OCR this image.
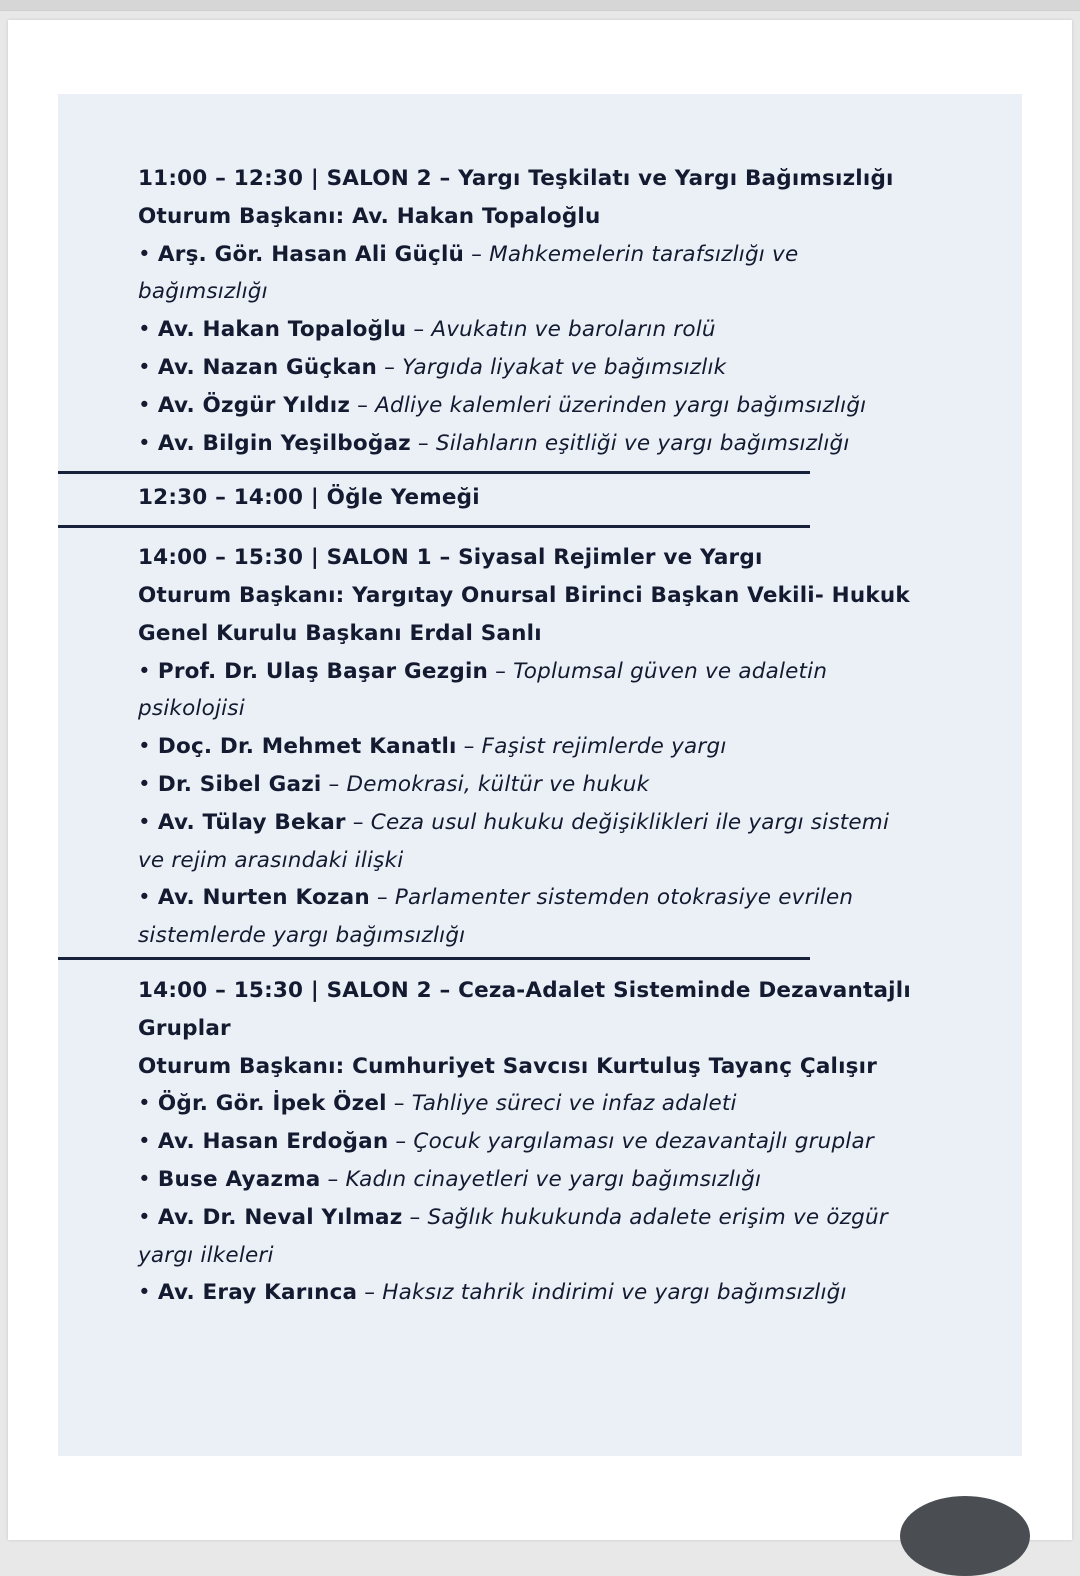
11:00 – 12:30 | SALON 2 – Yargı Teşkilatı ve Yargı Bağımsızlığı
Oturum Başkanı: Av. Hakan Topaloğlu
• Arş. Gör. Hasan Ali Güçlü – Mahkemelerin tarafsızlığı ve
bağımsızlığı
• Av. Hakan Topaloğlu – Avukatın ve baroların rolü
• Av. Nazan Güçkan – Yargıda liyakat ve bağımsızlık
• Av. Özgür Yıldız – Adliye kalemleri üzerinden yargı bağımsızlığı
• Av. Bilgin Yeşilboğaz – Silahların eşitliği ve yargı bağımsızlığı
12:30 – 14:00 | Öğle Yemeği
14:00 – 15:30 | SALON 1 – Siyasal Rejimler ve Yargı
Oturum Başkanı: Yargıtay Onursal Birinci Başkan Vekili- Hukuk
Genel Kurulu Başkanı Erdal Sanlı
• Prof. Dr. Ulaş Başar Gezgin – Toplumsal güven ve adaletin
psikolojisi
• Doç. Dr. Mehmet Kanatlı – Faşist rejimlerde yargı
• Dr. Sibel Gazi – Demokrasi, kültür ve hukuk
• Av. Tülay Bekar – Ceza usul hukuku değişiklikleri ile yargı sistemi
ve rejim arasındaki ilişki
• Av. Nurten Kozan – Parlamenter sistemden otokrasiye evrilen
sistemlerde yargı bağımsızlığı
14:00 – 15:30 | SALON 2 – Ceza-Adalet Sisteminde Dezavantajlı
Gruplar
Oturum Başkanı: Cumhuriyet Savcısı Kurtuluş Tayanç Çalışır
• Öğr. Gör. İpek Özel – Tahliye süreci ve infaz adaleti
• Av. Hasan Erdoğan – Çocuk yargılaması ve dezavantajlı gruplar
• Buse Ayazma – Kadın cinayetleri ve yargı bağımsızlığı
• Av. Dr. Neval Yılmaz – Sağlık hukukunda adalete erişim ve özgür
yargı ilkeleri
• Av. Eray Karınca – Haksız tahrik indirimi ve yargı bağımsızlığı
